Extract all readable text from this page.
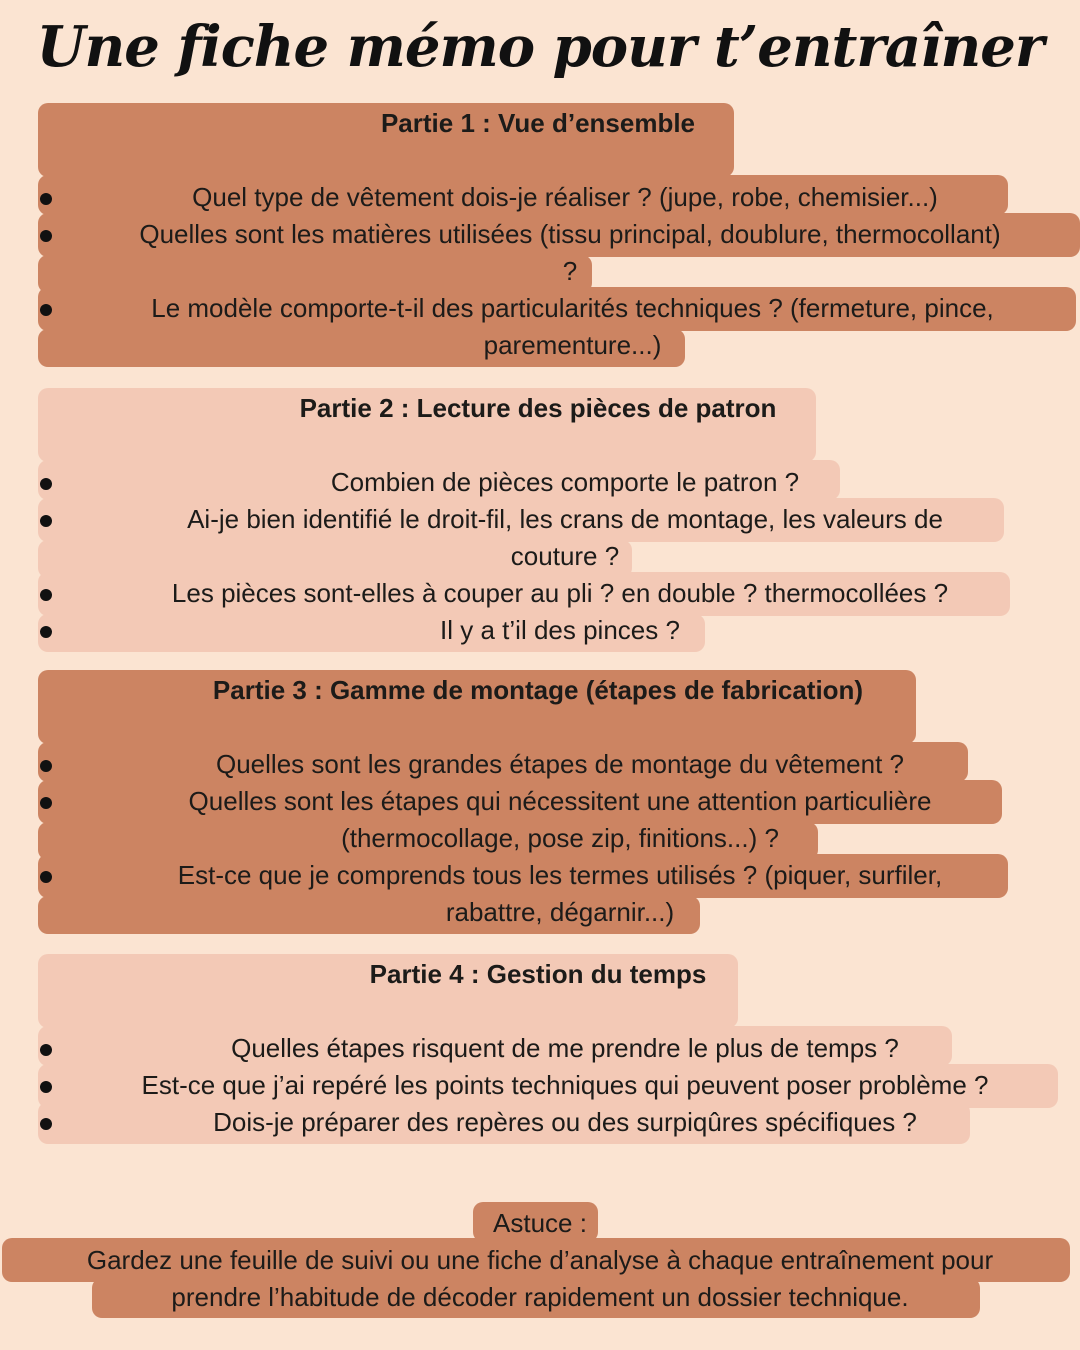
Une fiche mémo pour t’entraîner
Partie 1 : Vue d’ensemble
Quel type de vêtement dois-je réaliser ? (jupe, robe, chemisier...)
Quelles sont les matières utilisées (tissu principal, doublure, thermocollant)
?
Le modèle comporte-t-il des particularités techniques ? (fermeture, pince,
parementure...)
Partie 2 : Lecture des pièces de patron
Combien de pièces comporte le patron ?
Ai-je bien identifié le droit-fil, les crans de montage, les valeurs de
couture ?
Les pièces sont-elles à couper au pli ? en double ? thermocollées ?
Il y a t’il des pinces ?
Partie 3 : Gamme de montage (étapes de fabrication)
Quelles sont les grandes étapes de montage du vêtement ?
Quelles sont les étapes qui nécessitent une attention particulière
(thermocollage, pose zip, finitions...) ?
Est-ce que je comprends tous les termes utilisés ? (piquer, surfiler,
rabattre, dégarnir...)
Partie 4 : Gestion du temps
Quelles étapes risquent de me prendre le plus de temps ?
Est-ce que j’ai repéré les points techniques qui peuvent poser problème ?
Dois-je préparer des repères ou des surpiqûres spécifiques ?
Astuce :
Gardez une feuille de suivi ou une fiche d’analyse à chaque entraînement pour
prendre l’habitude de décoder rapidement un dossier technique.
